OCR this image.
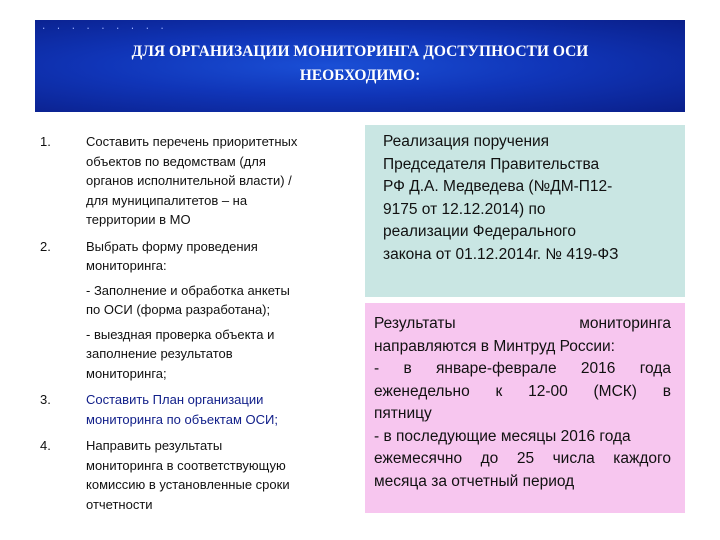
. . . . . . . . .
ДЛЯ ОРГАНИЗАЦИИ МОНИТОРИНГА ДОСТУПНОСТИ ОСИ
НЕОБХОДИМО:
1.	Составить перечень приоритетных
объектов по ведомствам (для
органов исполнительной власти) /
для муниципалитетов – на
территории в МО
2.	Выбрать форму проведения
мониторинга:
- Заполнение и обработка анкеты
по ОСИ (форма разработана);
- выездная проверка объекта и
заполнение результатов
мониторинга;
3.	Составить План организации
мониторинга по объектам ОСИ;
4.	Направить результаты
мониторинга в соответствующую
комиссию в установленные сроки
отчетности
Реализация поручения
Председателя Правительства
РФ Д.А. Медведева (№ДМ-П12-
9175 от 12.12.2014) по
реализации Федерального
закона от 01.12.2014г. № 419-ФЗ
Результаты	мониторинга
направляются в Минтруд России:
- в январе-феврале 2016 года
еженедельно к 12-00 (МСК) в
пятницу
- в последующие месяцы 2016 года
ежемесячно до 25 числа каждого
месяца за отчетный период
